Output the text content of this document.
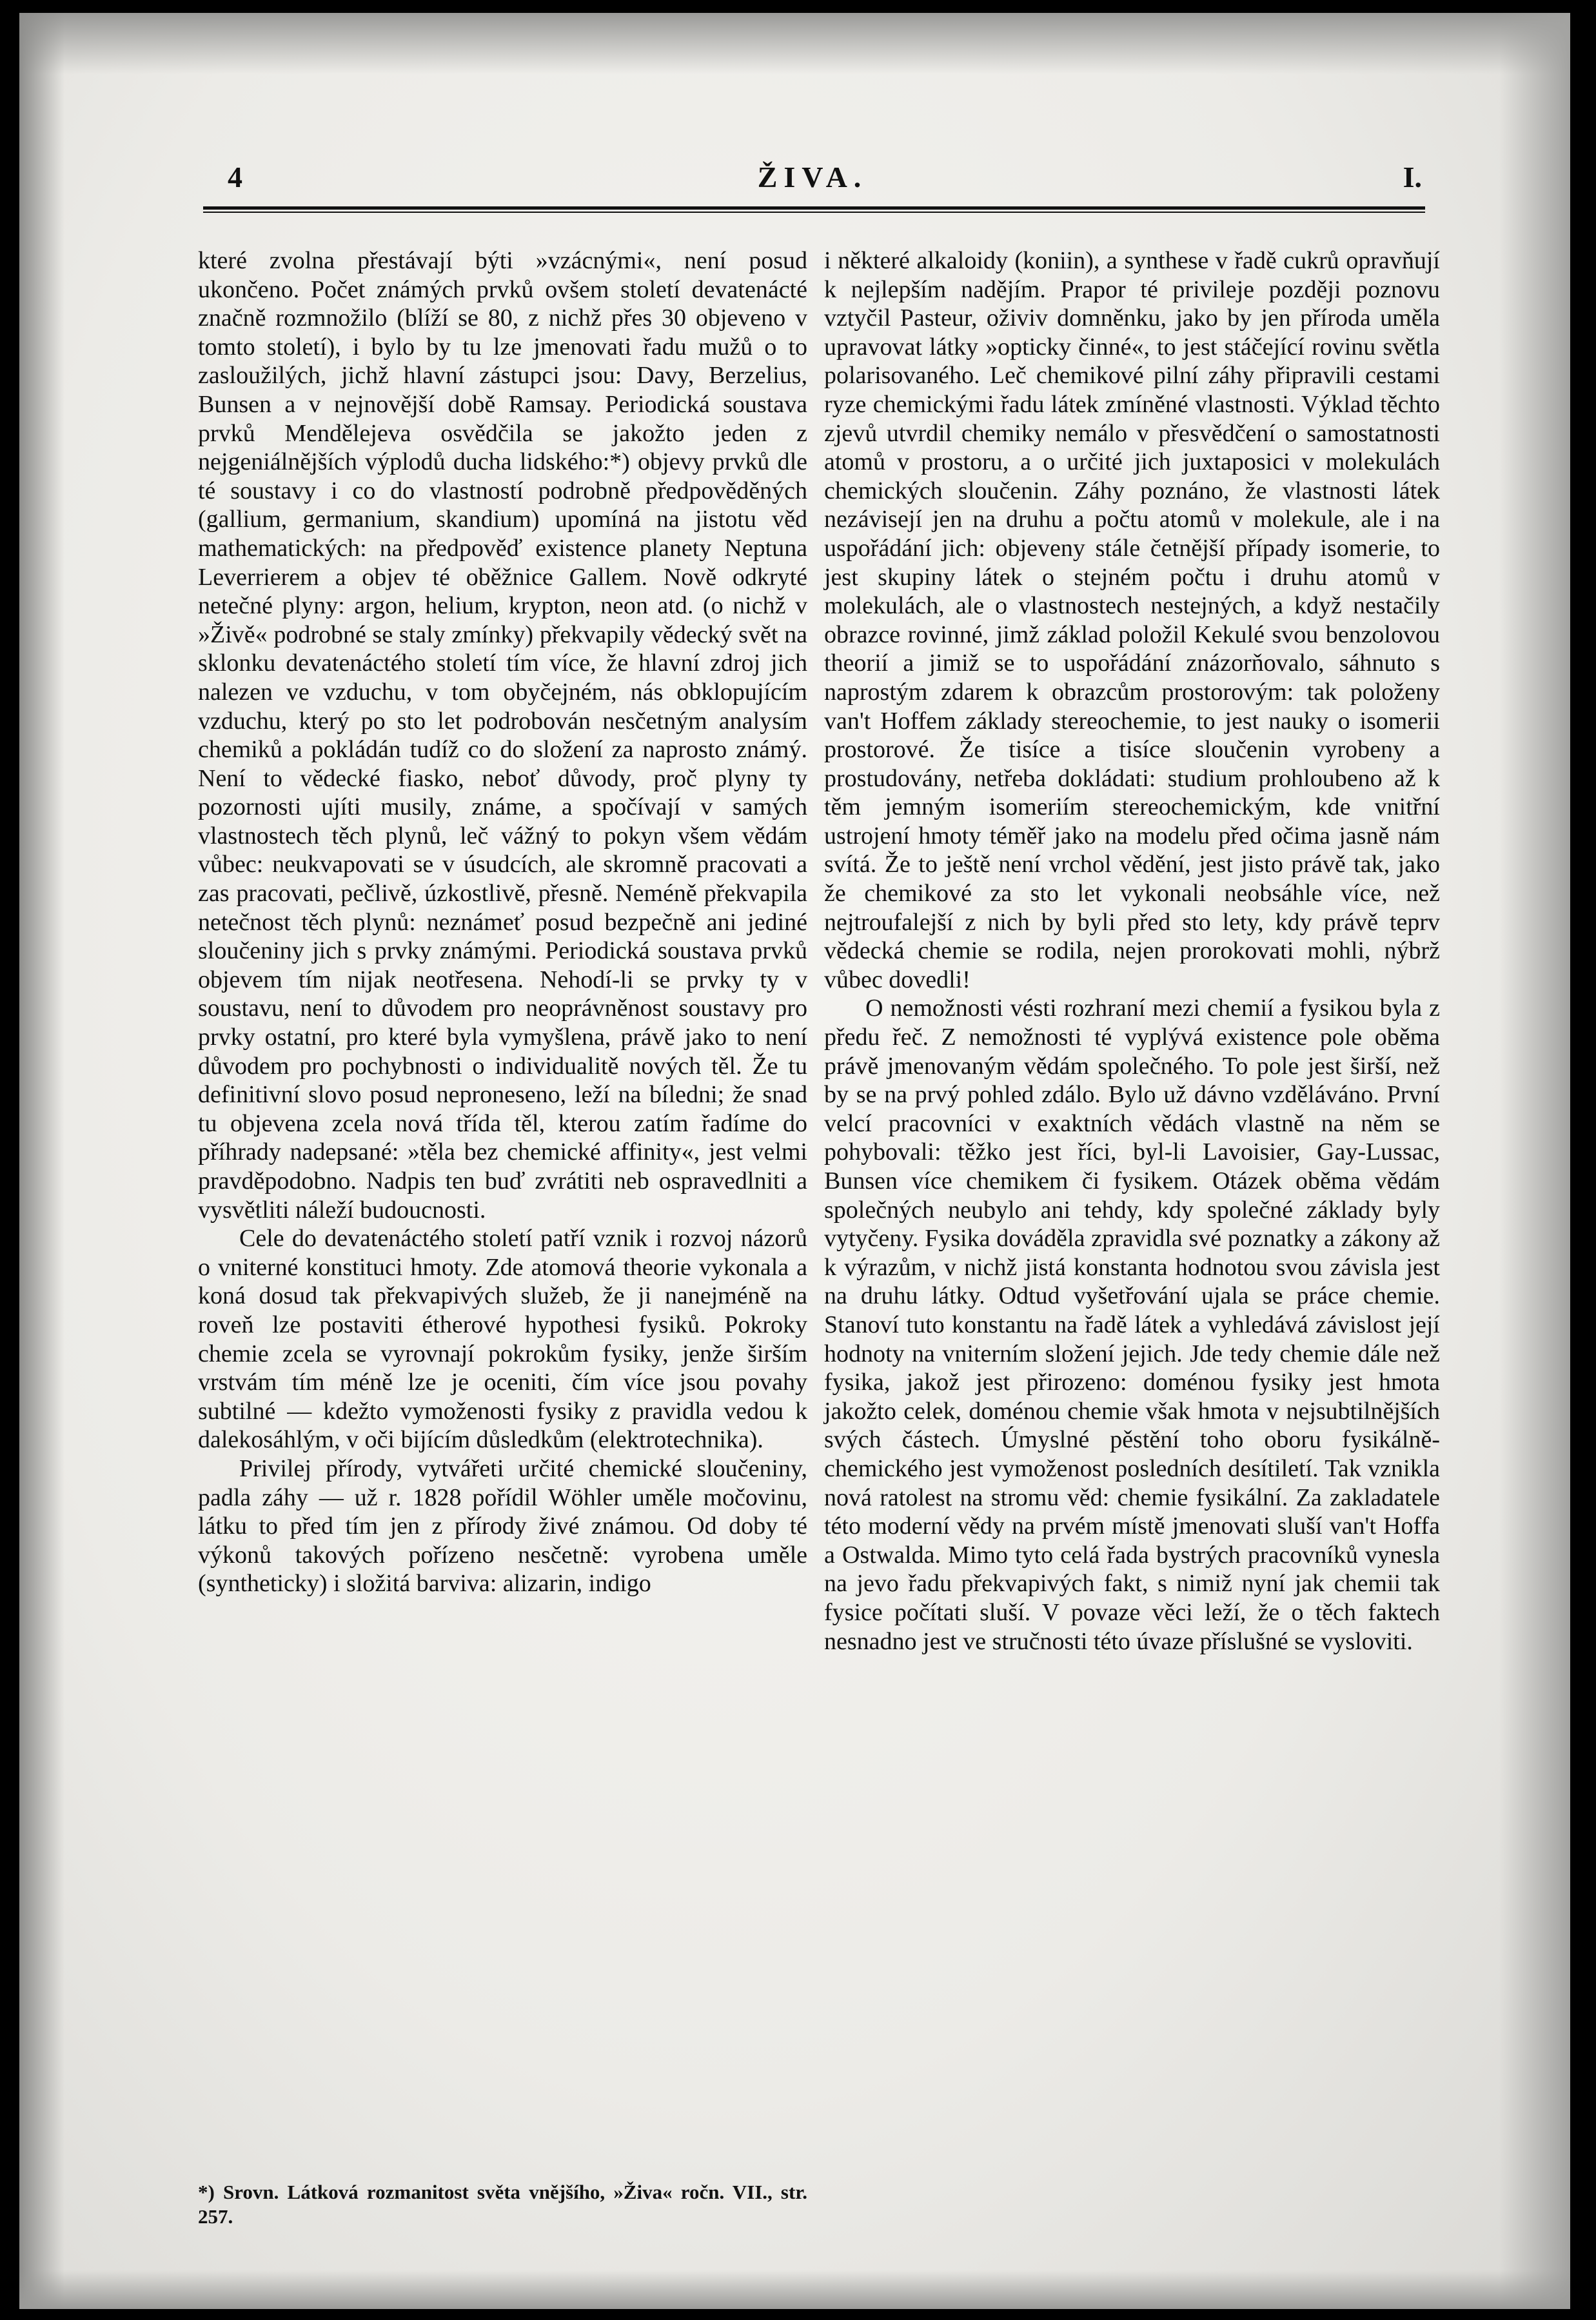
4	ŽIVA.	I.

které zvolna přestávají býti »vzácnými«, není posud ukončeno. Počet známých prvků ovšem století devatenácté značně rozmnožilo (blíží se 80, z nichž přes 30 objeveno v tomto století), i bylo by tu lze jmenovati řadu mužů o to zasloužilých, jichž hlavní zástupci jsou: Davy, Berzelius, Bunsen a v nejnovější době Ramsay. Periodická soustava prvků Mendělejeva osvědčila se jakožto jeden z nejgeniálnějších výplodů ducha lidského:*) objevy prvků dle té soustavy i co do vlastností podrobně předpověděných (gallium, germanium, skandium) upomíná na jistotu věd mathematických: na předpověď existence planety Neptuna Leverrierem a objev té oběžnice Gallem. Nově odkryté netečné plyny: argon, helium, krypton, neon atd. (o nichž v »Živě« podrobné se staly zmínky) překvapily vědecký svět na sklonku devatenáctého století tím více, že hlavní zdroj jich nalezen ve vzduchu, v tom obyčejném, nás obklopujícím vzduchu, který po sto let podrobován nesčetným analysím chemiků a pokládán tudíž co do složení za naprosto známý. Není to vědecké fiasko, neboť důvody, proč plyny ty pozornosti ujíti musily, známe, a spočívají v samých vlastnostech těch plynů, leč vážný to pokyn všem vědám vůbec: neukvapovati se v úsudcích, ale skromně pracovati a zas pracovati, pečlivě, úzkostlivě, přesně. Neméně překvapila netečnost těch plynů: neznámeť posud bezpečně ani jediné sloučeniny jich s prvky známými. Periodická soustava prvků objevem tím nijak neotřesena. Nehodí-li se prvky ty v soustavu, není to důvodem pro neoprávněnost soustavy pro prvky ostatní, pro které byla vymyšlena, právě jako to není důvodem pro pochybnosti o individualitě nových těl. Že tu definitivní slovo posud neproneseno, leží na bíledni; že snad tu objevena zcela nová třída těl, kterou zatím řadíme do příhrady nadepsané: »těla bez chemické affinity«, jest velmi pravděpodobno. Nadpis ten buď zvrátiti neb ospravedlniti a vysvětliti náleží budoucnosti.

Cele do devatenáctého století patří vznik i rozvoj názorů o vniterné konstituci hmoty. Zde atomová theorie vykonala a koná dosud tak překvapivých služeb, že ji nanejméně na roveň lze postaviti étherové hypothesi fysiků. Pokroky chemie zcela se vyrovnají pokrokům fysiky, jenže širším vrstvám tím méně lze je oceniti, čím více jsou povahy subtilné — kdežto vymoženosti fysiky z pravidla vedou k dalekosáhlým, v oči bijícím důsledkům (elektrotechnika).

Privilej přírody, vytvářeti určité chemické sloučeniny, padla záhy — už r. 1828 pořídil Wöhler uměle močovinu, látku to před tím jen z přírody živé známou. Od doby té výkonů takových pořízeno nesčetně: vyrobena uměle (syntheticky) i složitá barviva: alizarin, indigo

*) Srovn. Látková rozmanitost světa vnějšího, »Živa« ročn. VII., str. 257.

i některé alkaloidy (koniin), a synthese v řadě cukrů opravňují k nejlepším nadějím. Prapor té privileje později poznovu vztyčil Pasteur, oživiv domněnku, jako by jen příroda uměla upravovat látky »opticky činné«, to jest stáčející rovinu světla polarisovaného. Leč chemikové pilní záhy připravili cestami ryze chemickými řadu látek zmíněné vlastnosti. Výklad těchto zjevů utvrdil chemiky nemálo v přesvědčení o samostatnosti atomů v prostoru, a o určité jich juxtaposici v molekulách chemických sloučenin. Záhy poznáno, že vlastnosti látek nezávisejí jen na druhu a počtu atomů v molekule, ale i na uspořádání jich: objeveny stále četnější případy isomerie, to jest skupiny látek o stejném počtu i druhu atomů v molekulách, ale o vlastnostech nestejných, a když nestačily obrazce rovinné, jimž základ položil Kekulé svou benzolovou theorií a jimiž se to uspořádání znázorňovalo, sáhnuto s naprostým zdarem k obrazcům prostorovým: tak položeny van't Hoffem základy stereochemie, to jest nauky o isomerii prostorové. Že tisíce a tisíce sloučenin vyrobeny a prostudovány, netřeba dokládati: studium prohloubeno až k těm jemným isomeriím stereochemickým, kde vnitřní ustrojení hmoty téměř jako na modelu před očima jasně nám svítá. Že to ještě není vrchol vědění, jest jisto právě tak, jako že chemikové za sto let vykonali neobsáhle více, než nejtroufalejší z nich by byli před sto lety, kdy právě teprv vědecká chemie se rodila, nejen prorokovati mohli, nýbrž vůbec dovedli!

O nemožnosti vésti rozhraní mezi chemií a fysikou byla z předu řeč. Z nemožnosti té vyplývá existence pole oběma právě jmenovaným vědám společného. To pole jest širší, než by se na prvý pohled zdálo. Bylo už dávno vzděláváno. První velcí pracovníci v exaktních vědách vlastně na něm se pohybovali: těžko jest říci, byl-li Lavoisier, Gay-Lussac, Bunsen více chemikem či fysikem. Otázek oběma vědám společných neubylo ani tehdy, kdy společné základy byly vytyčeny. Fysika dováděla zpravidla své poznatky a zákony až k výrazům, v nichž jistá konstanta hodnotou svou závisla jest na druhu látky. Odtud vyšetřování ujala se práce chemie. Stanoví tuto konstantu na řadě látek a vyhledává závislost její hodnoty na vniterním složení jejich. Jde tedy chemie dále než fysika, jakož jest přirozeno: doménou fysiky jest hmota jakožto celek, doménou chemie však hmota v nejsubtilnějších svých částech. Úmyslné pěstění toho oboru fysikálně-chemického jest vymoženost posledních desítiletí. Tak vznikla nová ratolest na stromu věd: chemie fysikální. Za zakladatele této moderní vědy na prvém místě jmenovati sluší van't Hoffa a Ostwalda. Mimo tyto celá řada bystrých pracovníků vynesla na jevo řadu překvapivých fakt, s nimiž nyní jak chemii tak fysice počítati sluší. V povaze věci leží, že o těch faktech nesnadno jest ve stručnosti této úvaze příslušné se vysloviti.
